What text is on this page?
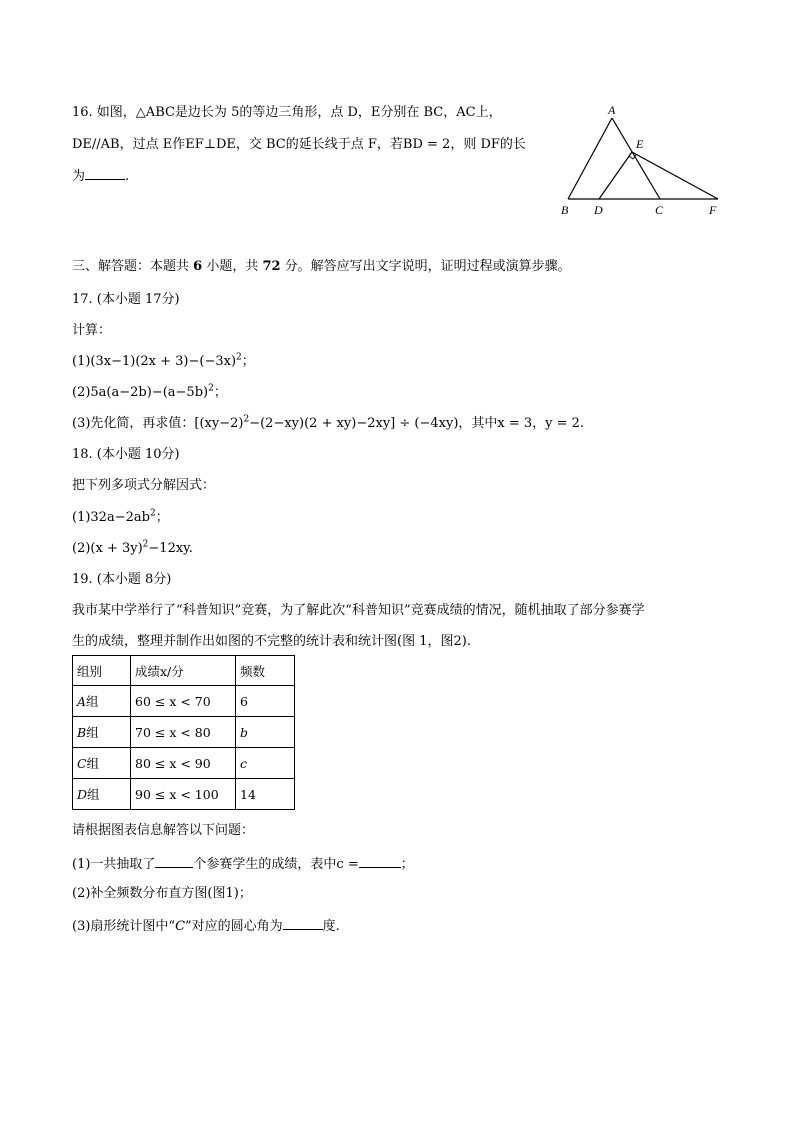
16. 如图，△ABC是边长为 5的等边三角形，点 D，E分别在 BC，AC上，
DE//AB，过点 E作EF⊥DE，交 BC的延长线于点 F，若BD = 2，则 DF的长
为	.
A
E
B D	C	F
三、解答题：本题共 6 小题，共 72 分。解答应写出文字说明，证明过程或演算步骤。
17. (本小题 17分)
计算：
$(1)(3x-1)(2x + 3)-(-3x)^2$；
$(2)5a(a-2b)-(a-5b)^2$；
(3)先化简，再求值：$[(xy-2)^2-(2-xy)(2 + xy)-2xy] \div (-4xy)$，其中x = 3，y = 2.
18. (本小题 10分)
把下列多项式分解因式：
$(1)32a-2ab^2$；
$(2)(x + 3y)^2-12xy$.
19. (本小题 8分)
我市某中学举行了“科普知识”竞赛，为了解此次“科普知识”竞赛成绩的情况，随机抽取了部分参赛学
生的成绩，整理并制作出如图的不完整的统计表和统计图(图 1，图2).
组别	成绩x/分	频数
A组	60 ≤ x < 70	6
B组	70 ≤ x < 80	b
C组	80 ≤ x < 90	c
D组	90 ≤ x < 100	14
请根据图表信息解答以下问题：
(1)一共抽取了	个参赛学生的成绩，表中c =	；
(2)补全频数分布直方图(图1)；
(3)扇形统计图中“C”对应的圆心角为	度.
